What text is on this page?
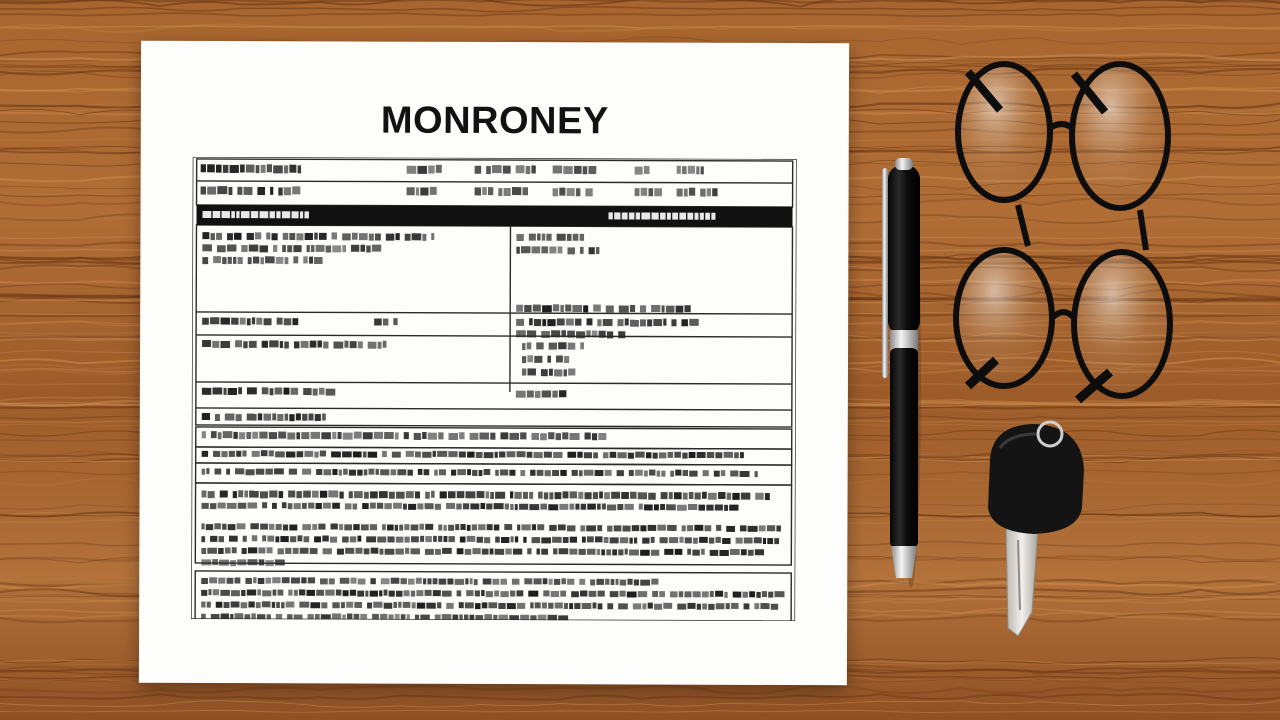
MONRONEY
